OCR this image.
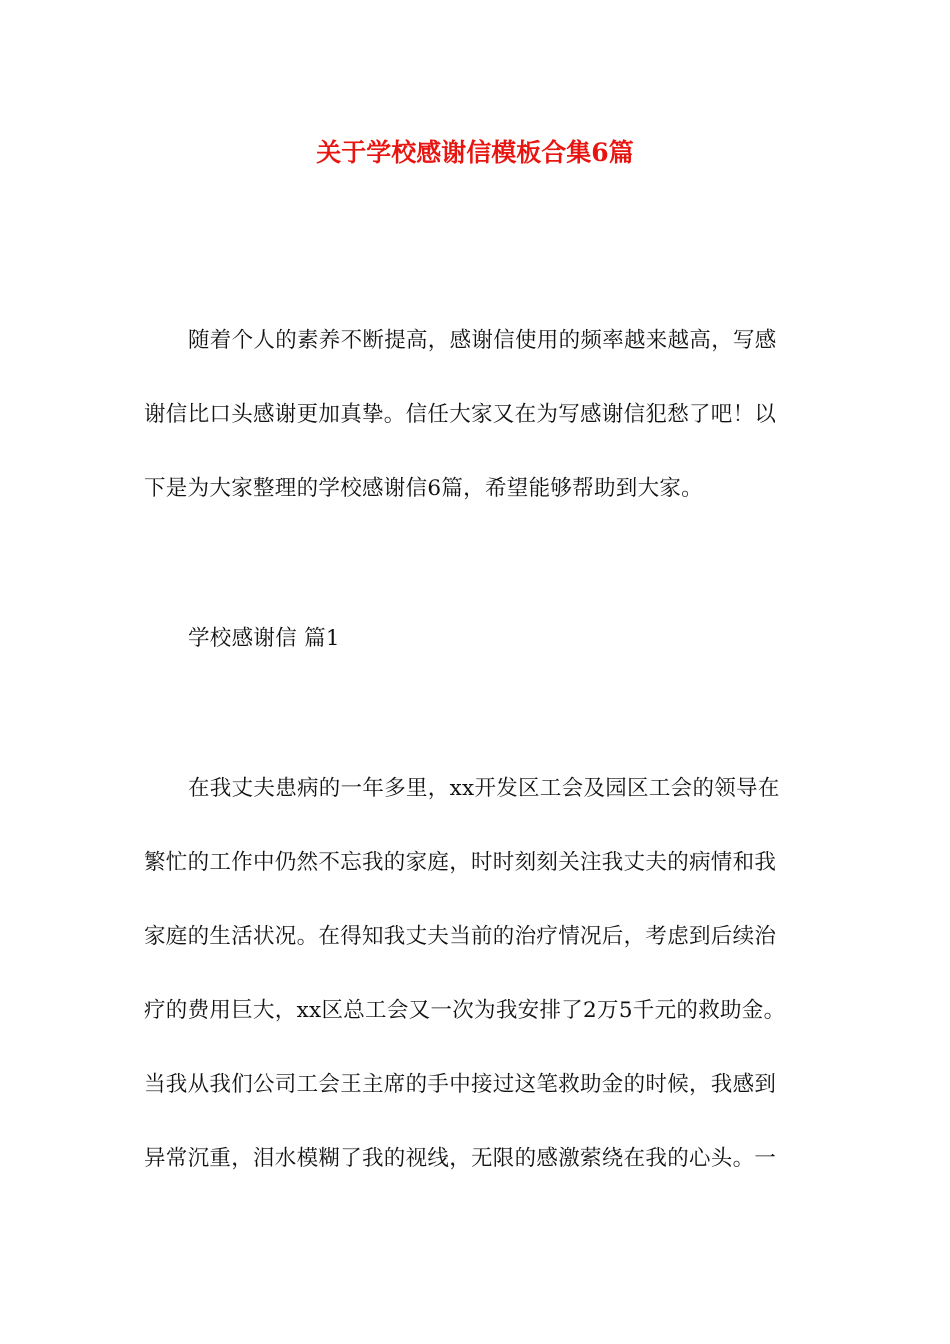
关于学校感谢信模板合集6篇
随着个人的素养不断提高，感谢信使用的频率越来越高，写感
谢信比口头感谢更加真挚。信任大家又在为写感谢信犯愁了吧！以
下是为大家整理的学校感谢信6篇，希望能够帮助到大家。
学校感谢信 篇1
在我丈夫患病的一年多里，xx开发区工会及园区工会的领导在
繁忙的工作中仍然不忘我的家庭，时时刻刻关注我丈夫的病情和我
家庭的生活状况。在得知我丈夫当前的治疗情况后，考虑到后续治
疗的费用巨大，xx区总工会又一次为我安排了2万5千元的救助金。
当我从我们公司工会王主席的手中接过这笔救助金的时候，我感到
异常沉重，泪水模糊了我的视线，无限的感激萦绕在我的心头。一
